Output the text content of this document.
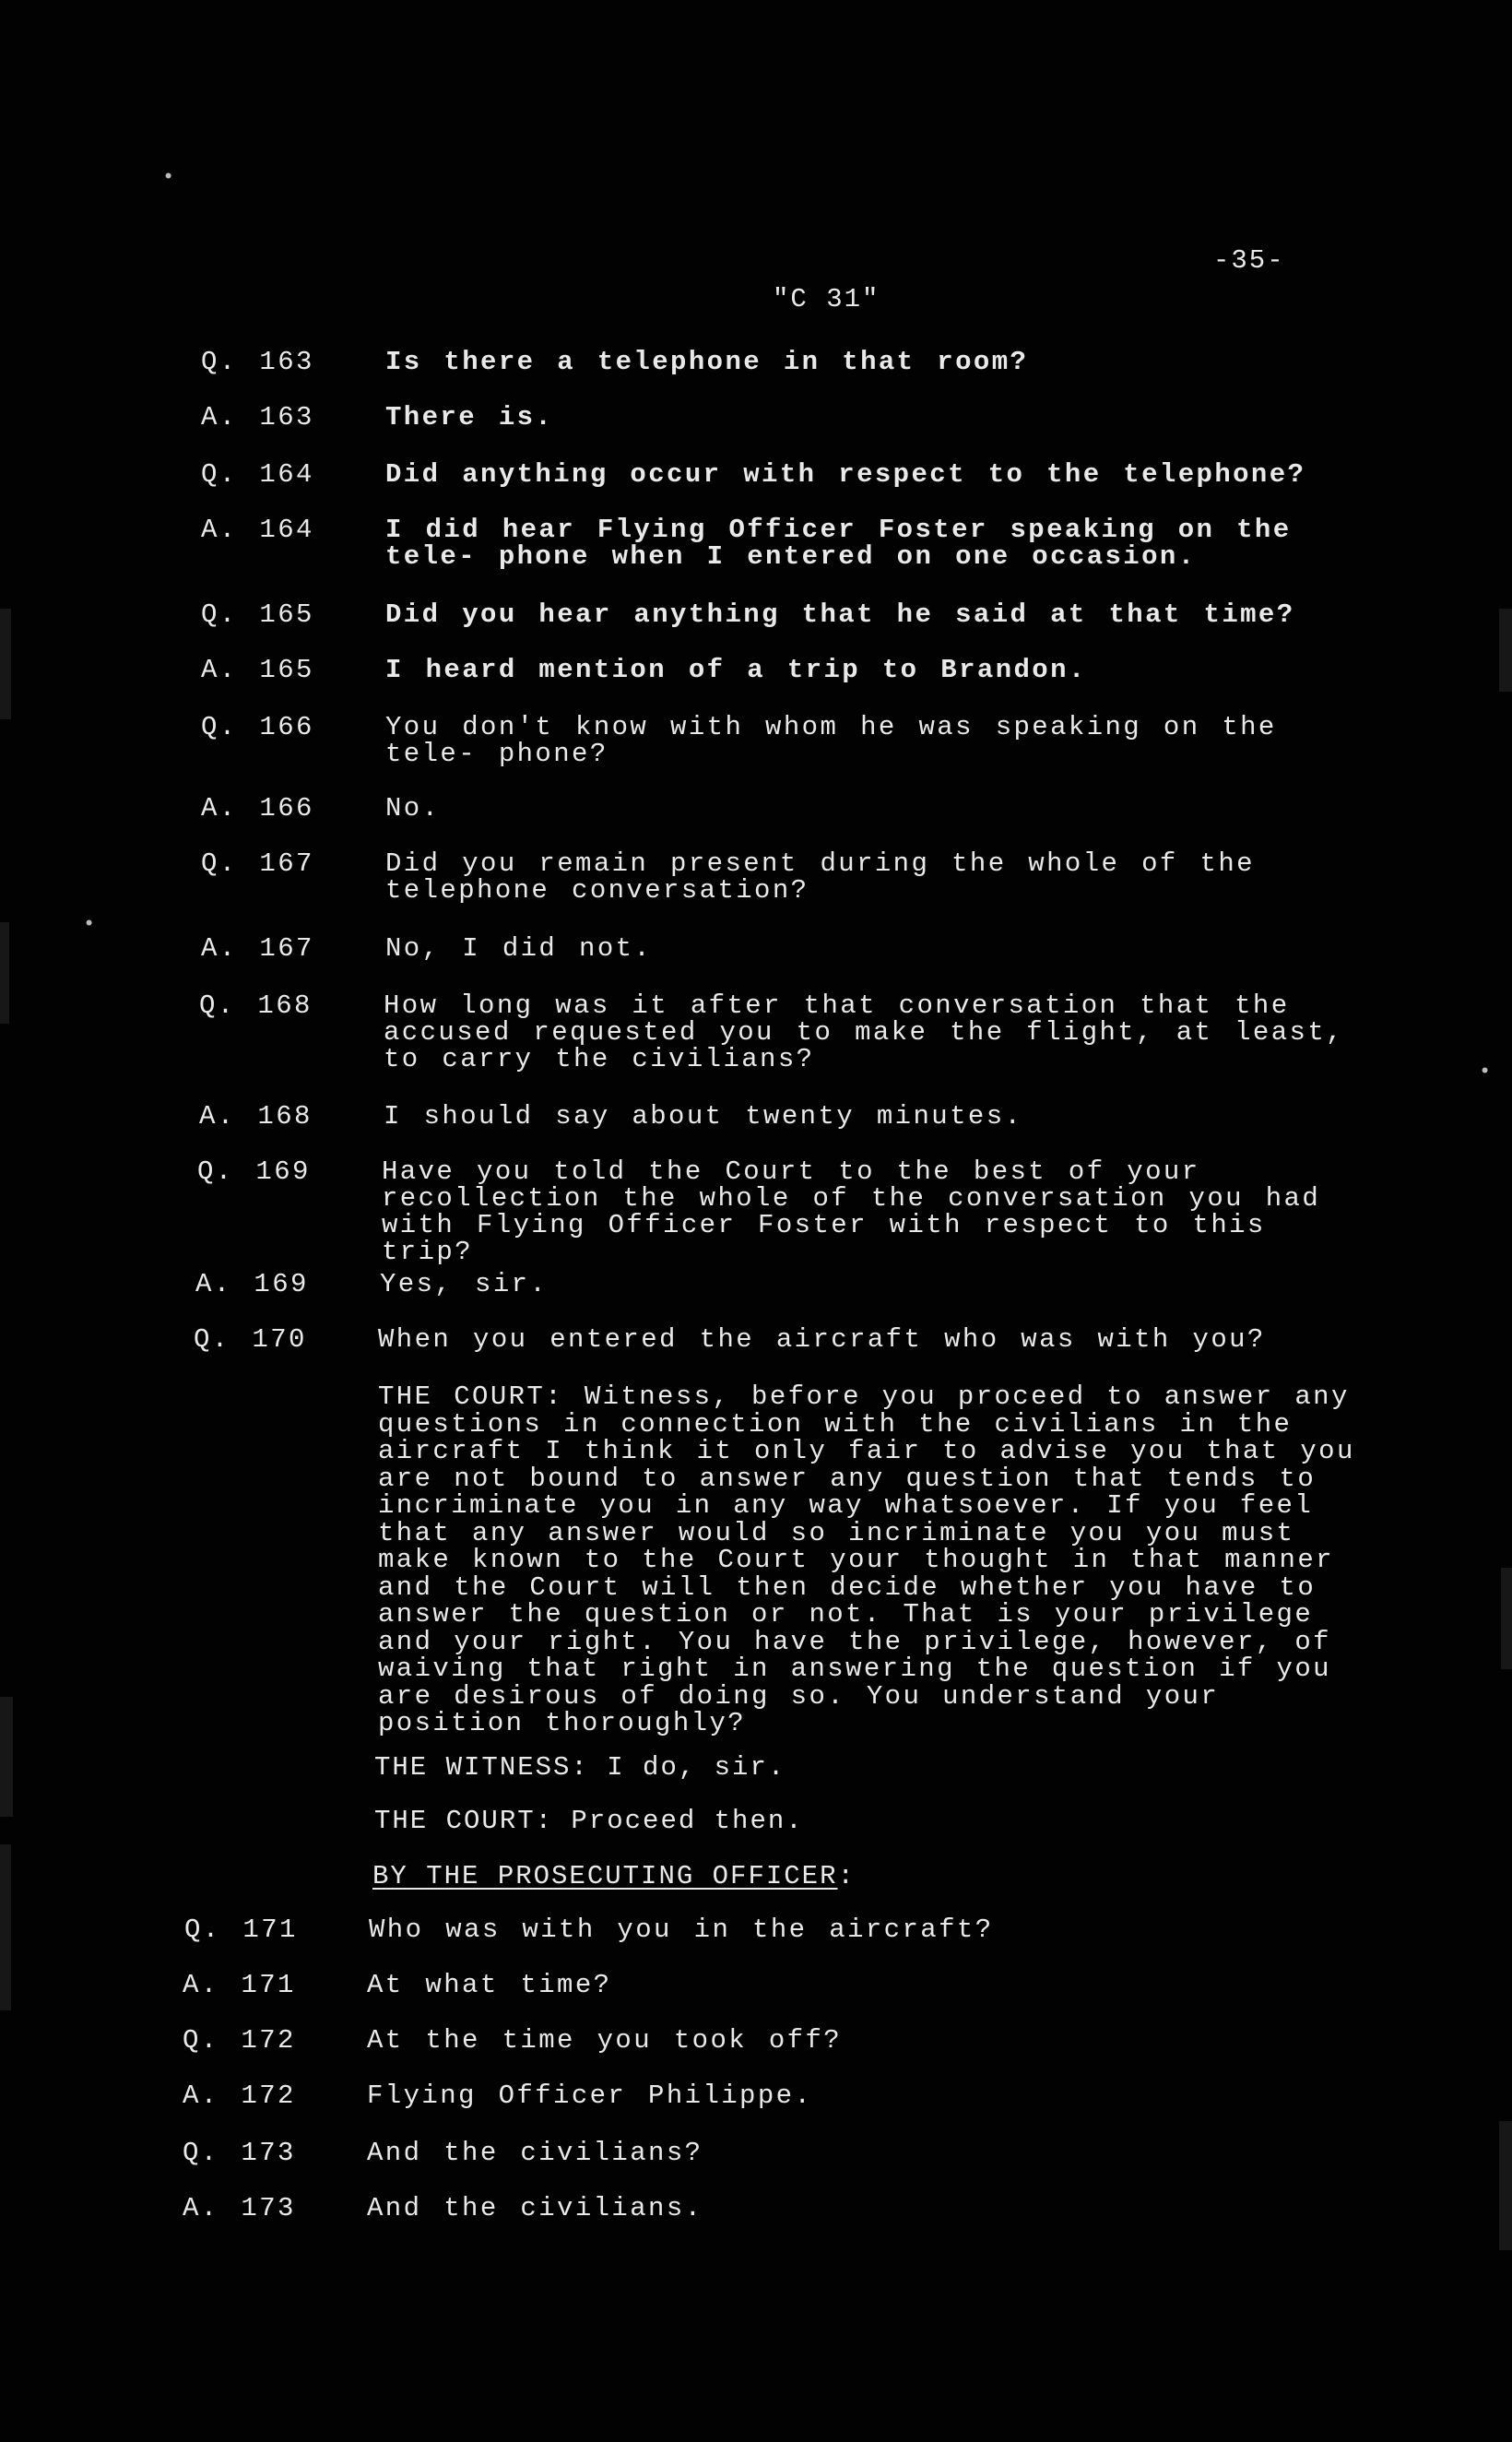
•
•
•
-35-
"C 31"
Q. 163	Is there a telephone in that room?
A. 163	There is.
Q. 164	Did anything occur with respect to the telephone?
A. 164	I did hear Flying Officer Foster speaking on the tele- phone when I entered on one occasion.
Q. 165	Did you hear anything that he said at that time?
A. 165	I heard mention of a trip to Brandon.
Q. 166	You don't know with whom he was speaking on the tele- phone?
A. 166	No.
Q. 167	Did you remain present during the whole of the telephone conversation?
A. 167	No, I did not.
Q. 168	How long was it after that conversation that the accused requested you to make the flight, at least, to carry the civilians?
A. 168	I should say about twenty minutes.
Q. 169	Have you told the Court to the best of your recollection the whole of the conversation you had with Flying Officer Foster with respect to this trip?
A. 169	Yes, sir.
Q. 170	When you entered the aircraft who was with you?
THE COURT: Witness, before you proceed to answer any questions in connection with the civilians in the aircraft I think it only fair to advise you that you are not bound to answer any question that tends to incriminate you in any way whatsoever. If you feel that any answer would so incriminate you you must make known to the Court your thought in that manner and the Court will then decide whether you have to answer the question or not. That is your privilege and your right. You have the privilege, however, of waiving that right in answering the question if you are desirous of doing so. You understand your position thoroughly?
THE WITNESS: I do, sir.
THE COURT: Proceed then.
BY THE PROSECUTING OFFICER:
Q. 171	Who was with you in the aircraft?
A. 171	At what time?
Q. 172	At the time you took off?
A. 172	Flying Officer Philippe.
Q. 173	And the civilians?
A. 173	And the civilians.
